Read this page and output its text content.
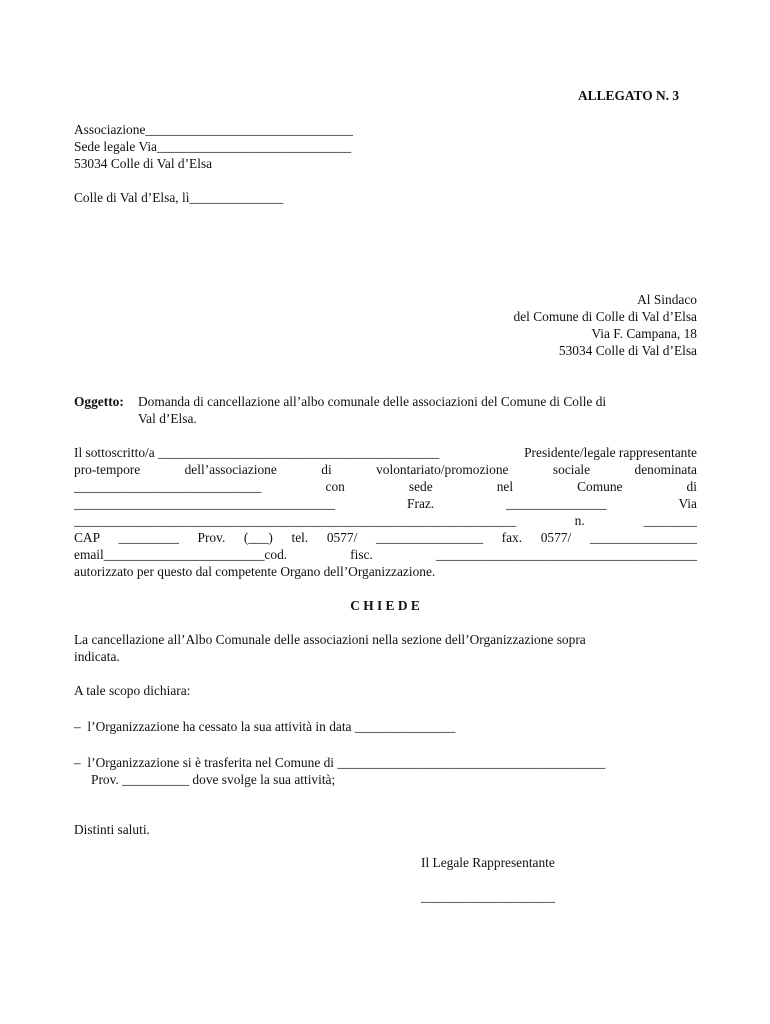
ALLEGATO N. 3
Associazione_______________________________
Sede legale Via_____________________________
53034 Colle di Val d’Elsa
Colle di Val d’Elsa, lì______________
Al Sindaco
del Comune di Colle di Val d’Elsa
Via F. Campana, 18
53034 Colle di Val d’Elsa
Oggetto: Domanda di cancellazione all’albo comunale delle associazioni del Comune di Colle di
Val d’Elsa.
Il sottoscritto/a __________________________________________	Presidente/legale rappresentante
pro-tempore	dell’associazione	di	volontariato/promozione	sociale	denominata
____________________________	con	sede	nel	Comune	di
_______________________________________	Fraz.	_______________	Via
__________________________________________________________________	n.	________
CAP _________ Prov. (___) tel. 0577/ ________________ fax. 0577/ ________________
email________________________cod.	fisc.	_______________________________________
autorizzato per questo dal competente Organo dell’Organizzazione.
C H I E D E
La cancellazione all’Albo Comunale delle associazioni nella sezione dell’Organizzazione sopra
indicata.
A tale scopo dichiara:
–  l’Organizzazione ha cessato la sua attività in data _______________
–  l’Organizzazione si è trasferita nel Comune di ________________________________________
Prov. __________ dove svolge la sua attività;
Distinti saluti.
Il Legale Rappresentante
____________________
